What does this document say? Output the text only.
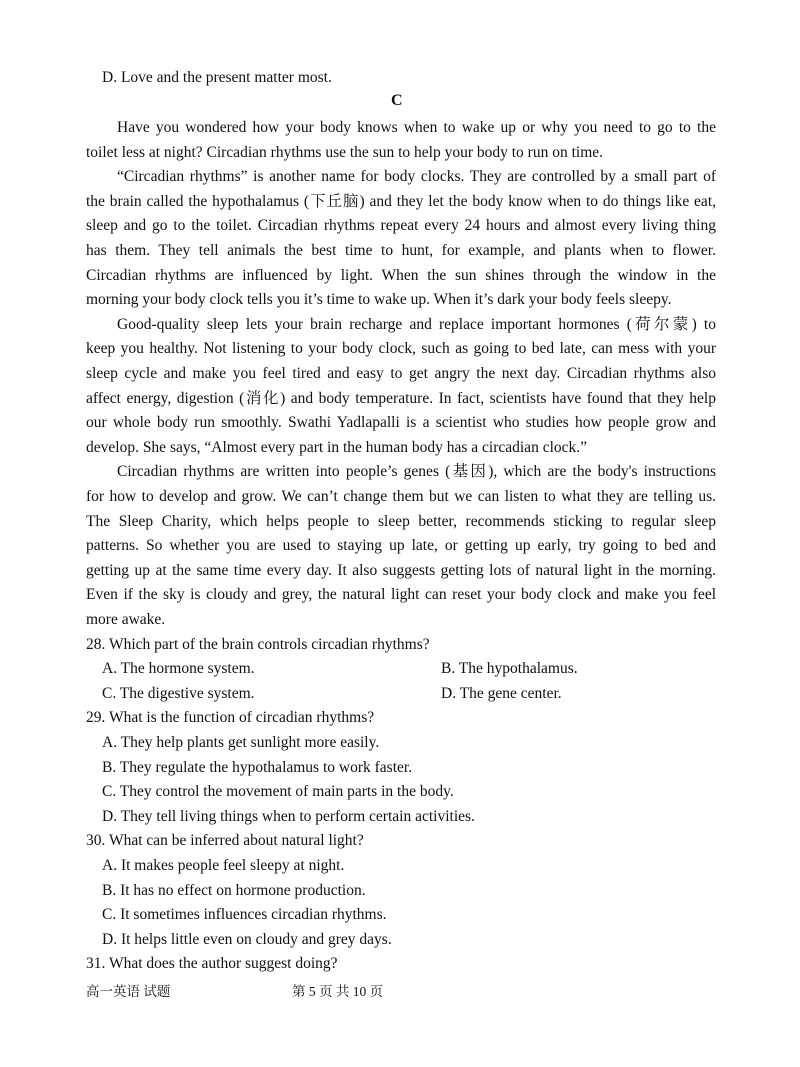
D. Love and the present matter most.
C
Have you wondered how your body knows when to wake up or why you need to go to the
toilet less at night? Circadian rhythms use the sun to help your body to run on time.
“Circadian rhythms” is another name for body clocks. They are controlled by a small part of
the brain called the hypothalamus (下丘脑) and they let the body know when to do things like eat,
sleep and go to the toilet. Circadian rhythms repeat every 24 hours and almost every living thing
has them. They tell animals the best time to hunt, for example, and plants when to flower.
Circadian rhythms are influenced by light. When the sun shines through the window in the
morning your body clock tells you it’s time to wake up. When it’s dark your body feels sleepy.
Good-quality sleep lets your brain recharge and replace important hormones (荷尔蒙) to
keep you healthy. Not listening to your body clock, such as going to bed late, can mess with your
sleep cycle and make you feel tired and easy to get angry the next day. Circadian rhythms also
affect energy, digestion (消化) and body temperature. In fact, scientists have found that they help
our whole body run smoothly. Swathi Yadlapalli is a scientist who studies how people grow and
develop. She says, “Almost every part in the human body has a circadian clock.”
Circadian rhythms are written into people’s genes (基因), which are the body's instructions
for how to develop and grow. We can’t change them but we can listen to what they are telling us.
The Sleep Charity, which helps people to sleep better, recommends sticking to regular sleep
patterns. So whether you are used to staying up late, or getting up early, try going to bed and
getting up at the same time every day. It also suggests getting lots of natural light in the morning.
Even if the sky is cloudy and grey, the natural light can reset your body clock and make you feel
more awake.
28. Which part of the brain controls circadian rhythms?
A. The hormone system.	B. The hypothalamus.
C. The digestive system.	D. The gene center.
29. What is the function of circadian rhythms?
A. They help plants get sunlight more easily.
B. They regulate the hypothalamus to work faster.
C. They control the movement of main parts in the body.
D. They tell living things when to perform certain activities.
30. What can be inferred about natural light?
A. It makes people feel sleepy at night.
B. It has no effect on hormone production.
C. It sometimes influences circadian rhythms.
D. It helps little even on cloudy and grey days.
31. What does the author suggest doing?
高一英语 试题	第 5 页 共 10 页
